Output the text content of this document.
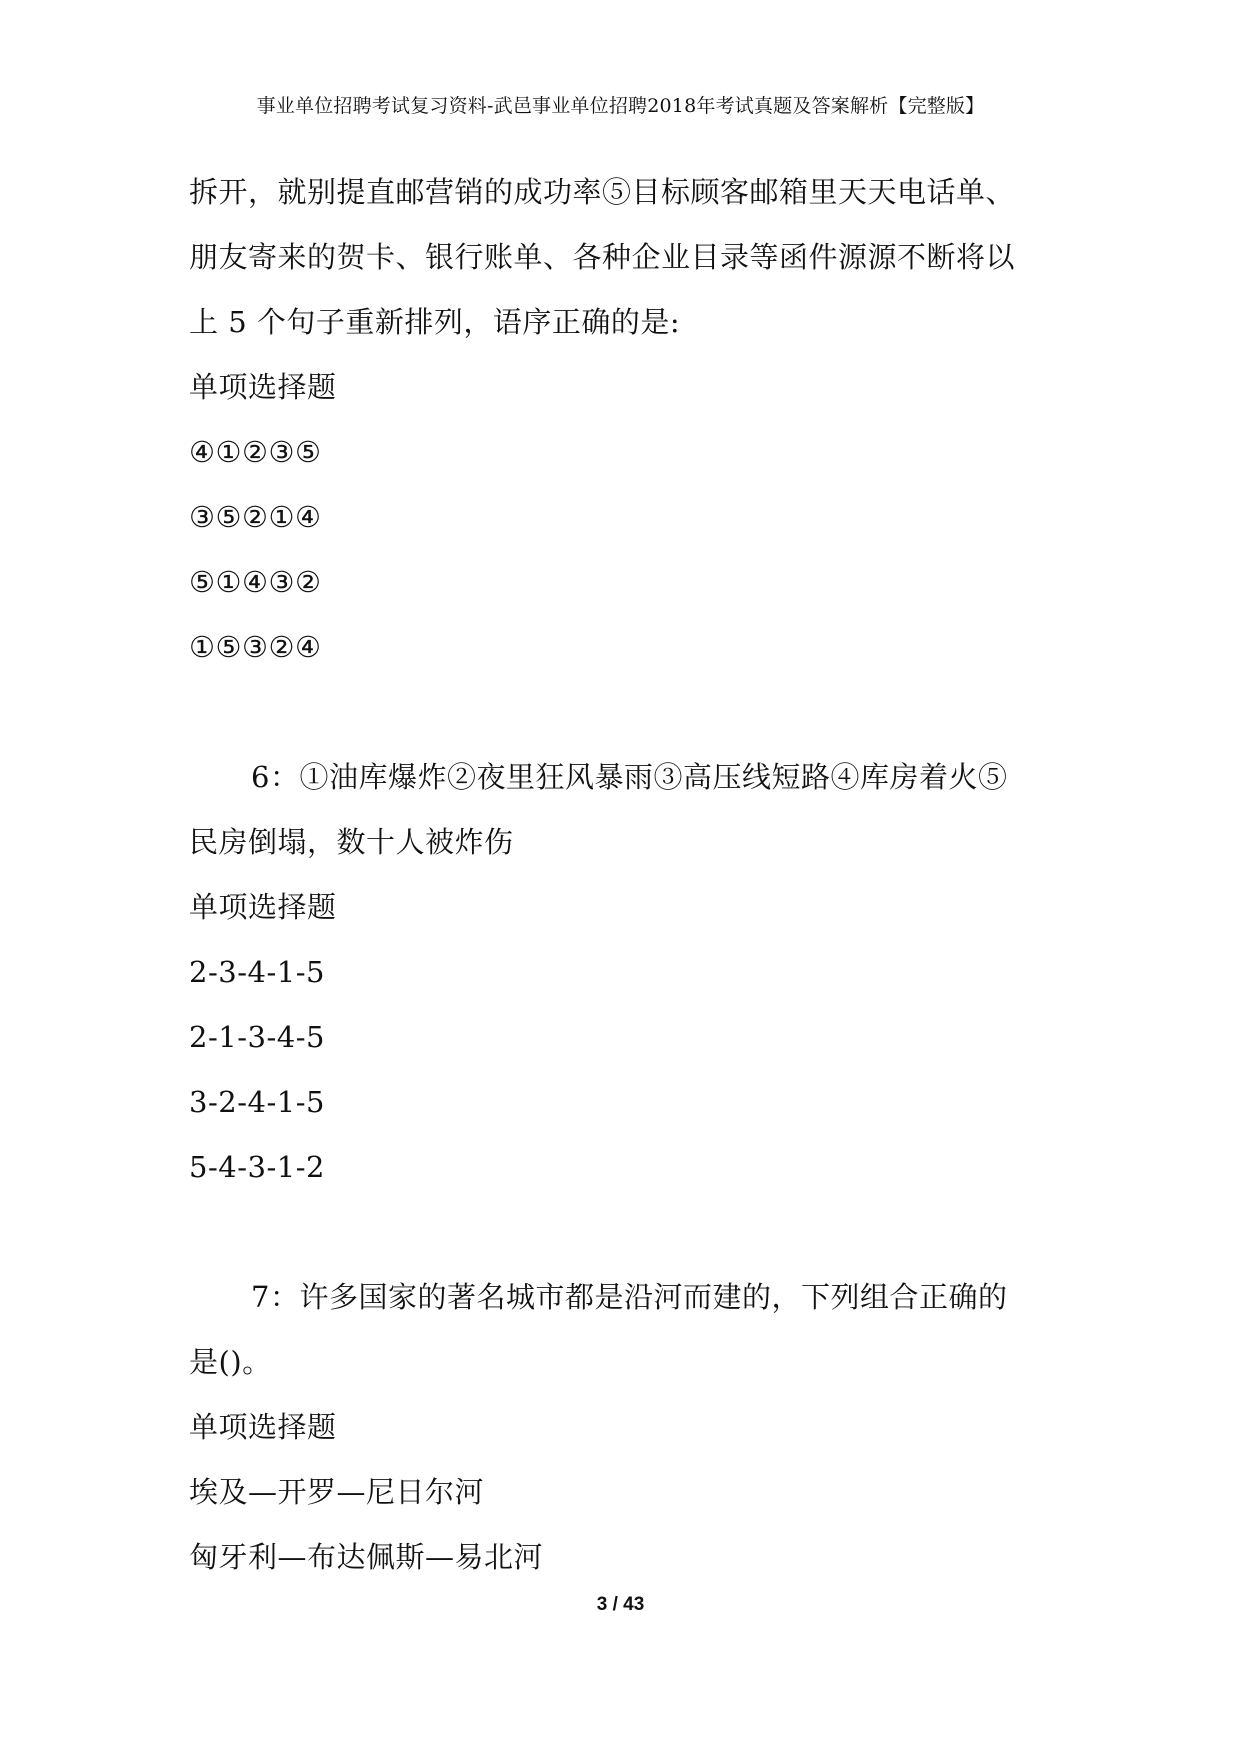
事业单位招聘考试复习资料-武邑事业单位招聘2018年考试真题及答案解析【完整版】
拆开，就别提直邮营销的成功率⑤目标顾客邮箱里天天电话单、
朋友寄来的贺卡、银行账单、各种企业目录等函件源源不断将以
上 5 个句子重新排列，语序正确的是:
单项选择题
④①②③⑤
③⑤②①④
⑤①④③②
①⑤③②④
6：①油库爆炸②夜里狂风暴雨③高压线短路④库房着火⑤
民房倒塌，数十人被炸伤
单项选择题
2-3-4-1-5
2-1-3-4-5
3-2-4-1-5
5-4-3-1-2
7：许多国家的著名城市都是沿河而建的，下列组合正确的
是()。
单项选择题
埃及—开罗—尼日尔河
匈牙利—布达佩斯—易北河
3 / 43
